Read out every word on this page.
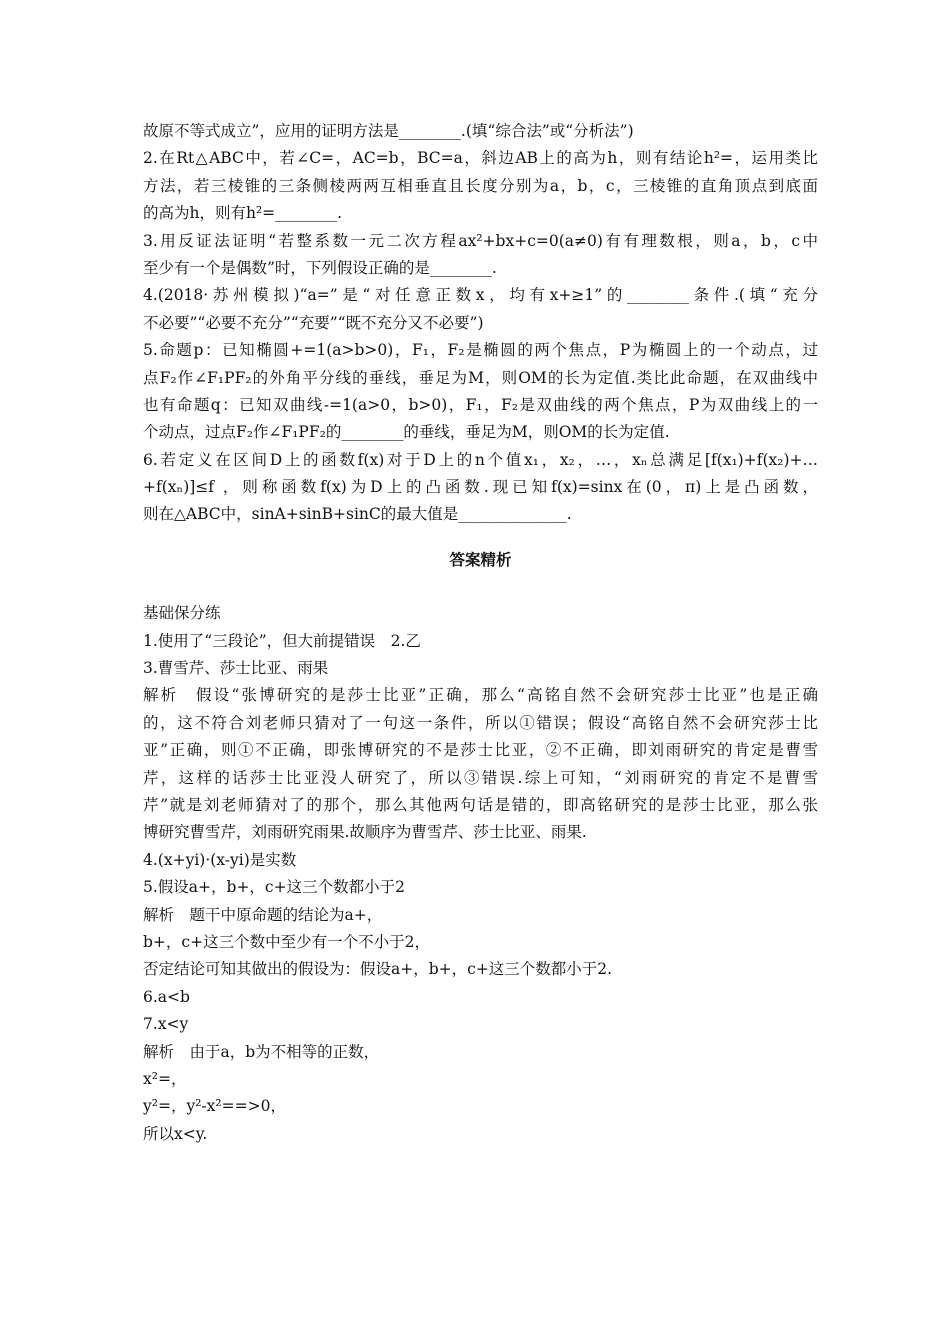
故原不等式成立”，应用的证明方法是________.(填“综合法”或“分析法”)
2.在Rt△ABC中，若∠C=，AC=b，BC=a，斜边AB上的高为h，则有结论h²=，运用类比
方法，若三棱锥的三条侧棱两两互相垂直且长度分别为a，b，c，三棱锥的直角顶点到底面
的高为h，则有h²=________.
3.用反证法证明“若整系数一元二次方程ax²+bx+c=0(a≠0)有有理数根，则a，b，c中
至少有一个是偶数”时，下列假设正确的是________.
4.(2018·苏州模拟)“a=”是“对任意正数x，均有x+≥1”的________条件.(填“充分
不必要”“必要不充分”“充要”“既不充分又不必要”)
5.命题p：已知椭圆+=1(a>b>0)，F₁，F₂是椭圆的两个焦点，P为椭圆上的一个动点，过
点F₂作∠F₁PF₂的外角平分线的垂线，垂足为M，则OM的长为定值.类比此命题，在双曲线中
也有命题q：已知双曲线-=1(a>0，b>0)，F₁，F₂是双曲线的两个焦点，P为双曲线上的一
个动点，过点F₂作∠F₁PF₂的________的垂线，垂足为M，则OM的长为定值.
6.若定义在区间D上的函数f(x)对于D上的n个值x₁，x₂，…，xₙ总满足[f(x₁)+f(x₂)+…
+f(xₙ)]≤f ，则称函数f(x)为D上的凸函数.现已知f(x)=sinx在(0，π)上是凸函数，
则在△ABC中，sinA+sinB+sinC的最大值是______________.
答案精析
基础保分练
1.使用了“三段论”，但大前提错误　2.乙
3.曹雪芹、莎士比亚、雨果
解析　假设“张博研究的是莎士比亚”正确，那么“高铭自然不会研究莎士比亚”也是正确
的，这不符合刘老师只猜对了一句这一条件，所以①错误；假设“高铭自然不会研究莎士比
亚”正确，则①不正确，即张博研究的不是莎士比亚，②不正确，即刘雨研究的肯定是曹雪
芹，这样的话莎士比亚没人研究了，所以③错误.综上可知，“刘雨研究的肯定不是曹雪
芹”就是刘老师猜对了的那个，那么其他两句话是错的，即高铭研究的是莎士比亚，那么张
博研究曹雪芹，刘雨研究雨果.故顺序为曹雪芹、莎士比亚、雨果.
4.(x+yi)·(x-yi)是实数
5.假设a+，b+，c+这三个数都小于2
解析　题干中原命题的结论为a+，
b+，c+这三个数中至少有一个不小于2，
否定结论可知其做出的假设为：假设a+，b+，c+这三个数都小于2.
6.a<b
7.x<y
解析　由于a，b为不相等的正数，
x²=，
y²=，y²-x²==>0，
所以x<y.
